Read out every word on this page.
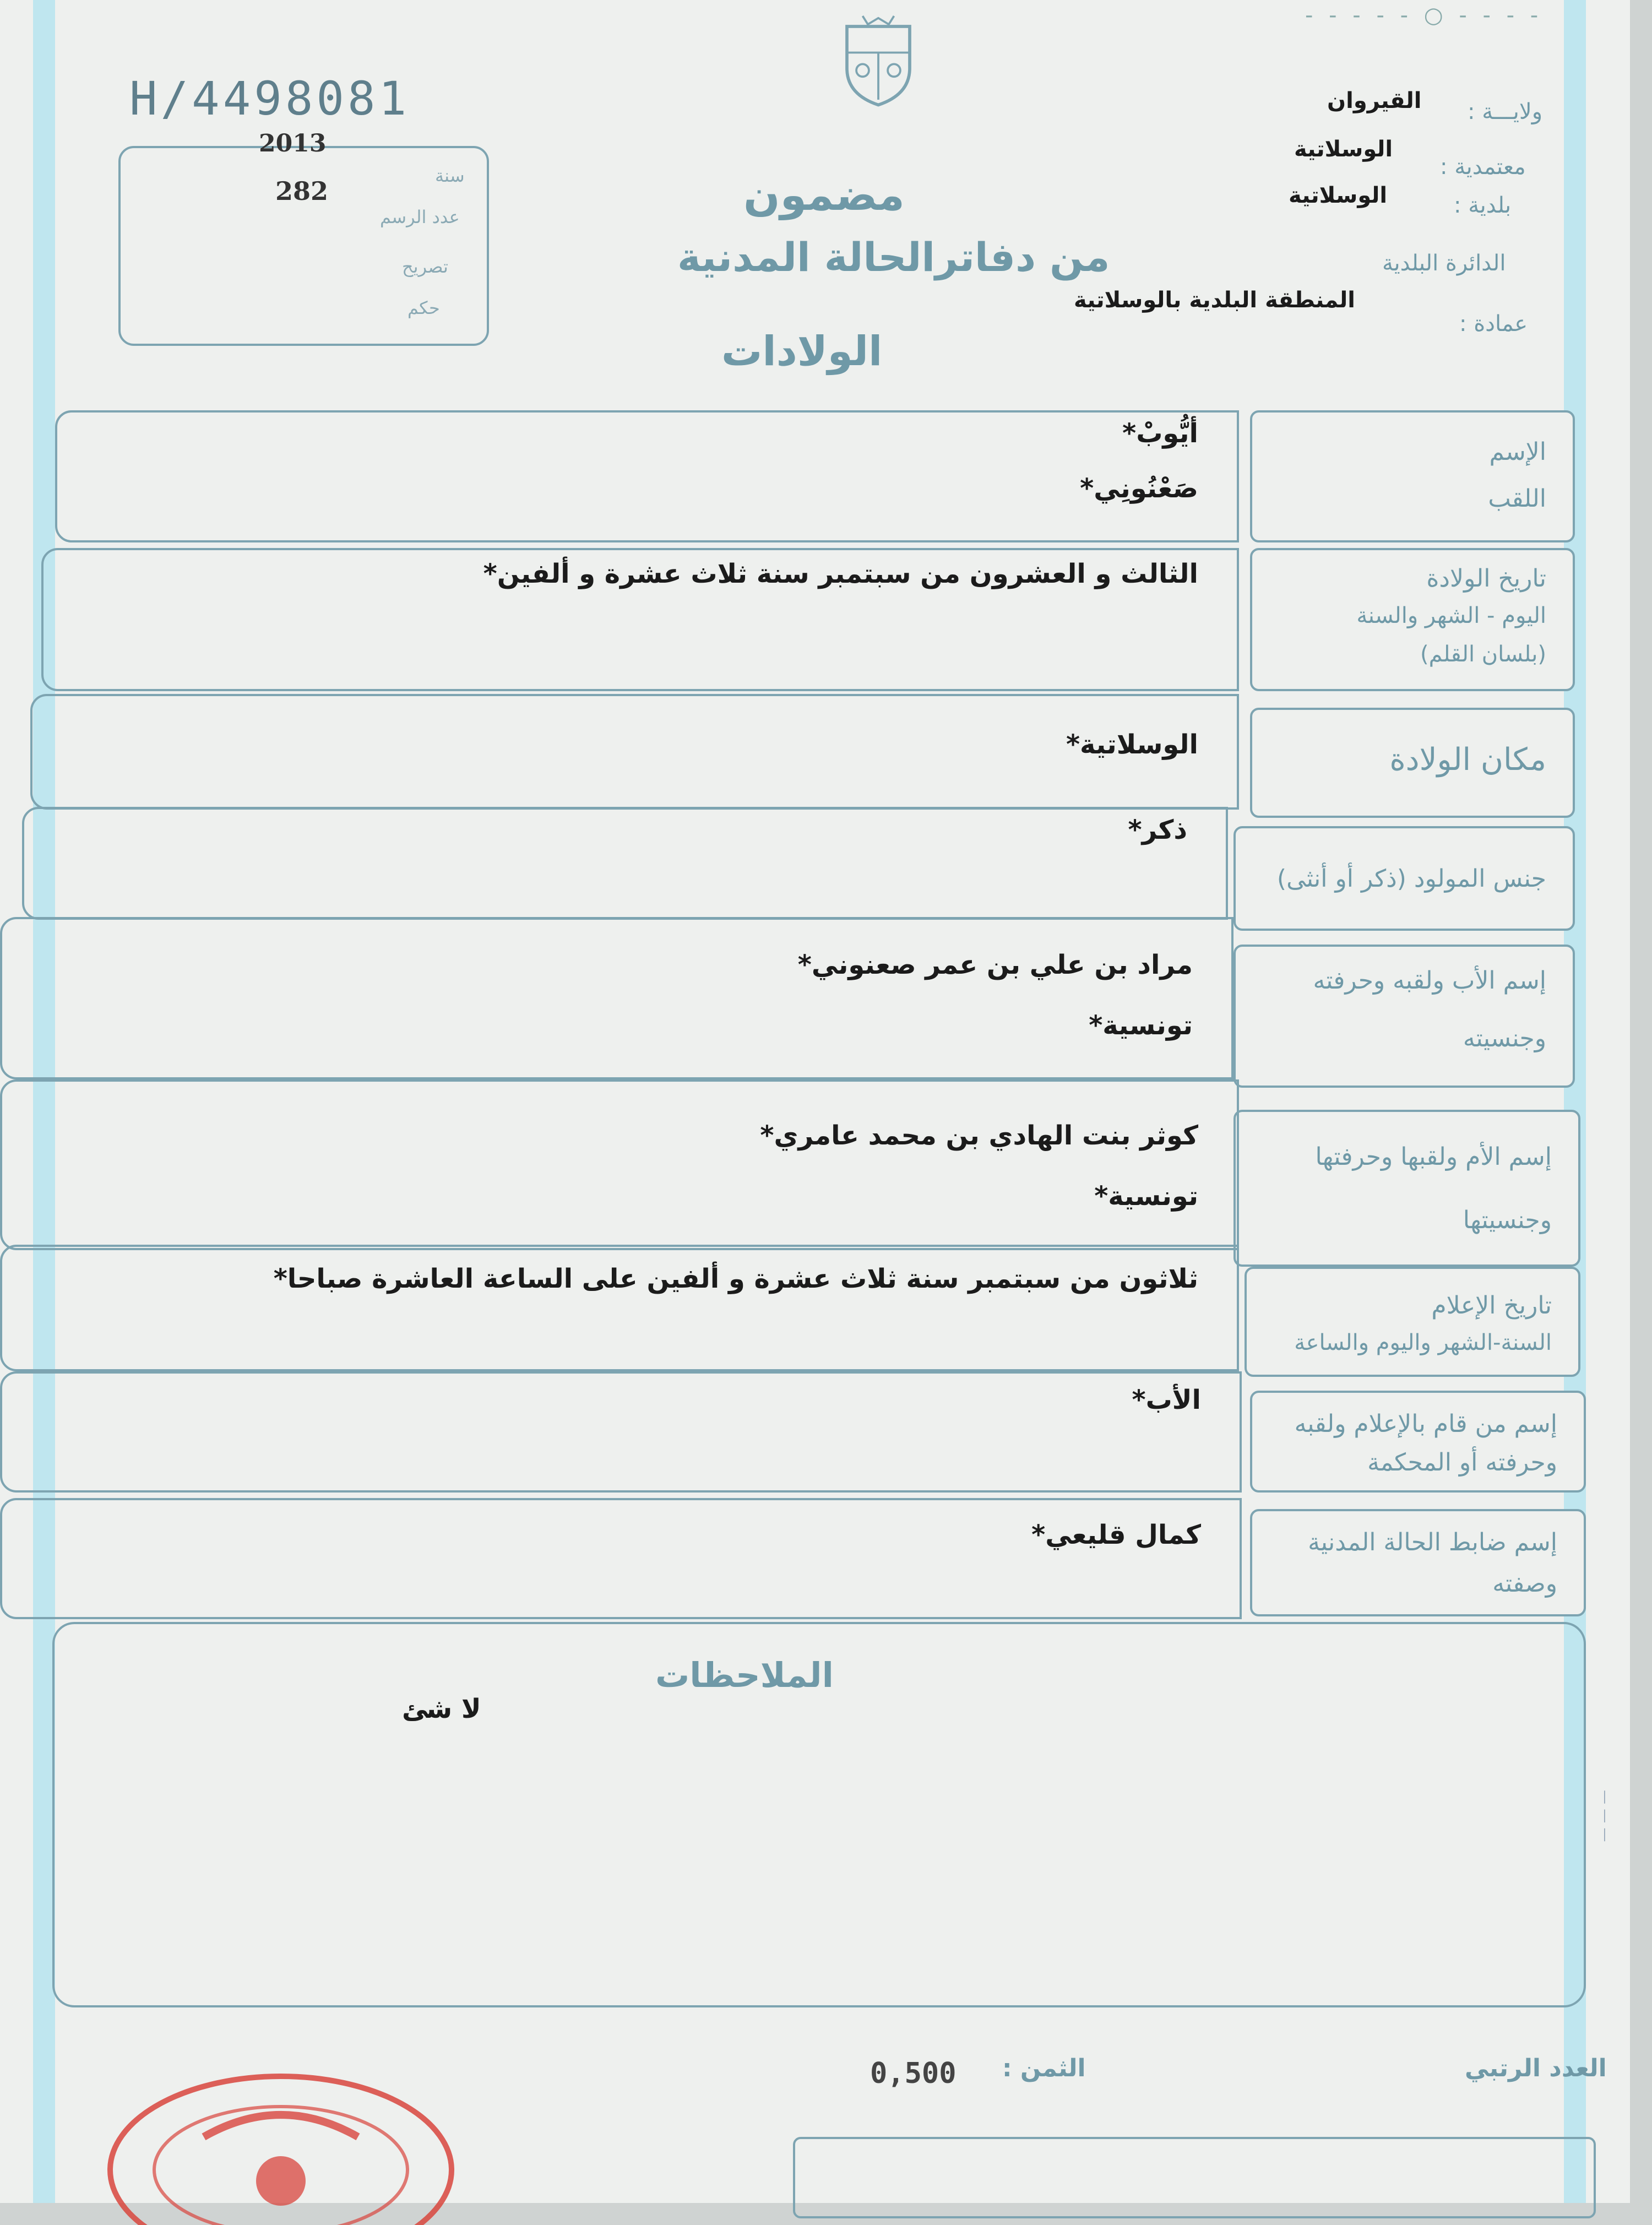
H/4498081
- - - - - ○ - - - -
2013
282
سنة
عدد الرسم
تصريح
حكم
ولايـــة :
القيروان
معتمدية :
الوسلاتية
بلدية :
الوسلاتية
الدائرة البلدية
المنطقة البلدية بالوسلاتية
عمادة :
مضمون
من دفاترالحالة المدنية
الولادات
الإسم
اللقب
أيُّوبْ*
صَعْنُونِي*
تاريخ الولادة
اليوم - الشهر والسنة
(بلسان القلم)
الثالث و العشرون من سبتمبر سنة ثلاث عشرة و ألفين*
مكان الولادة
الوسلاتية*
جنس المولود (ذكر أو أنثى)
ذكر*
إسم الأب ولقبه وحرفته
وجنسيته
مراد بن علي بن عمر صعنوني*
تونسية*
إسم الأم ولقبها وحرفتها
وجنسيتها
كوثر بنت الهادي بن محمد عامري*
تونسية*
تاريخ الإعلام
السنة-الشهر واليوم والساعة
ثلاثون من سبتمبر سنة ثلاث عشرة و ألفين على الساعة العاشرة صباحا*
إسم من قام بالإعلام ولقبه
وحرفته أو المحكمة
الأب*
إسم ضابط الحالة المدنية
وصفته
كمال قليعي*
الملاحظات
لا شئ
— — —
العدد الرتبي
الثمن :
0,500
